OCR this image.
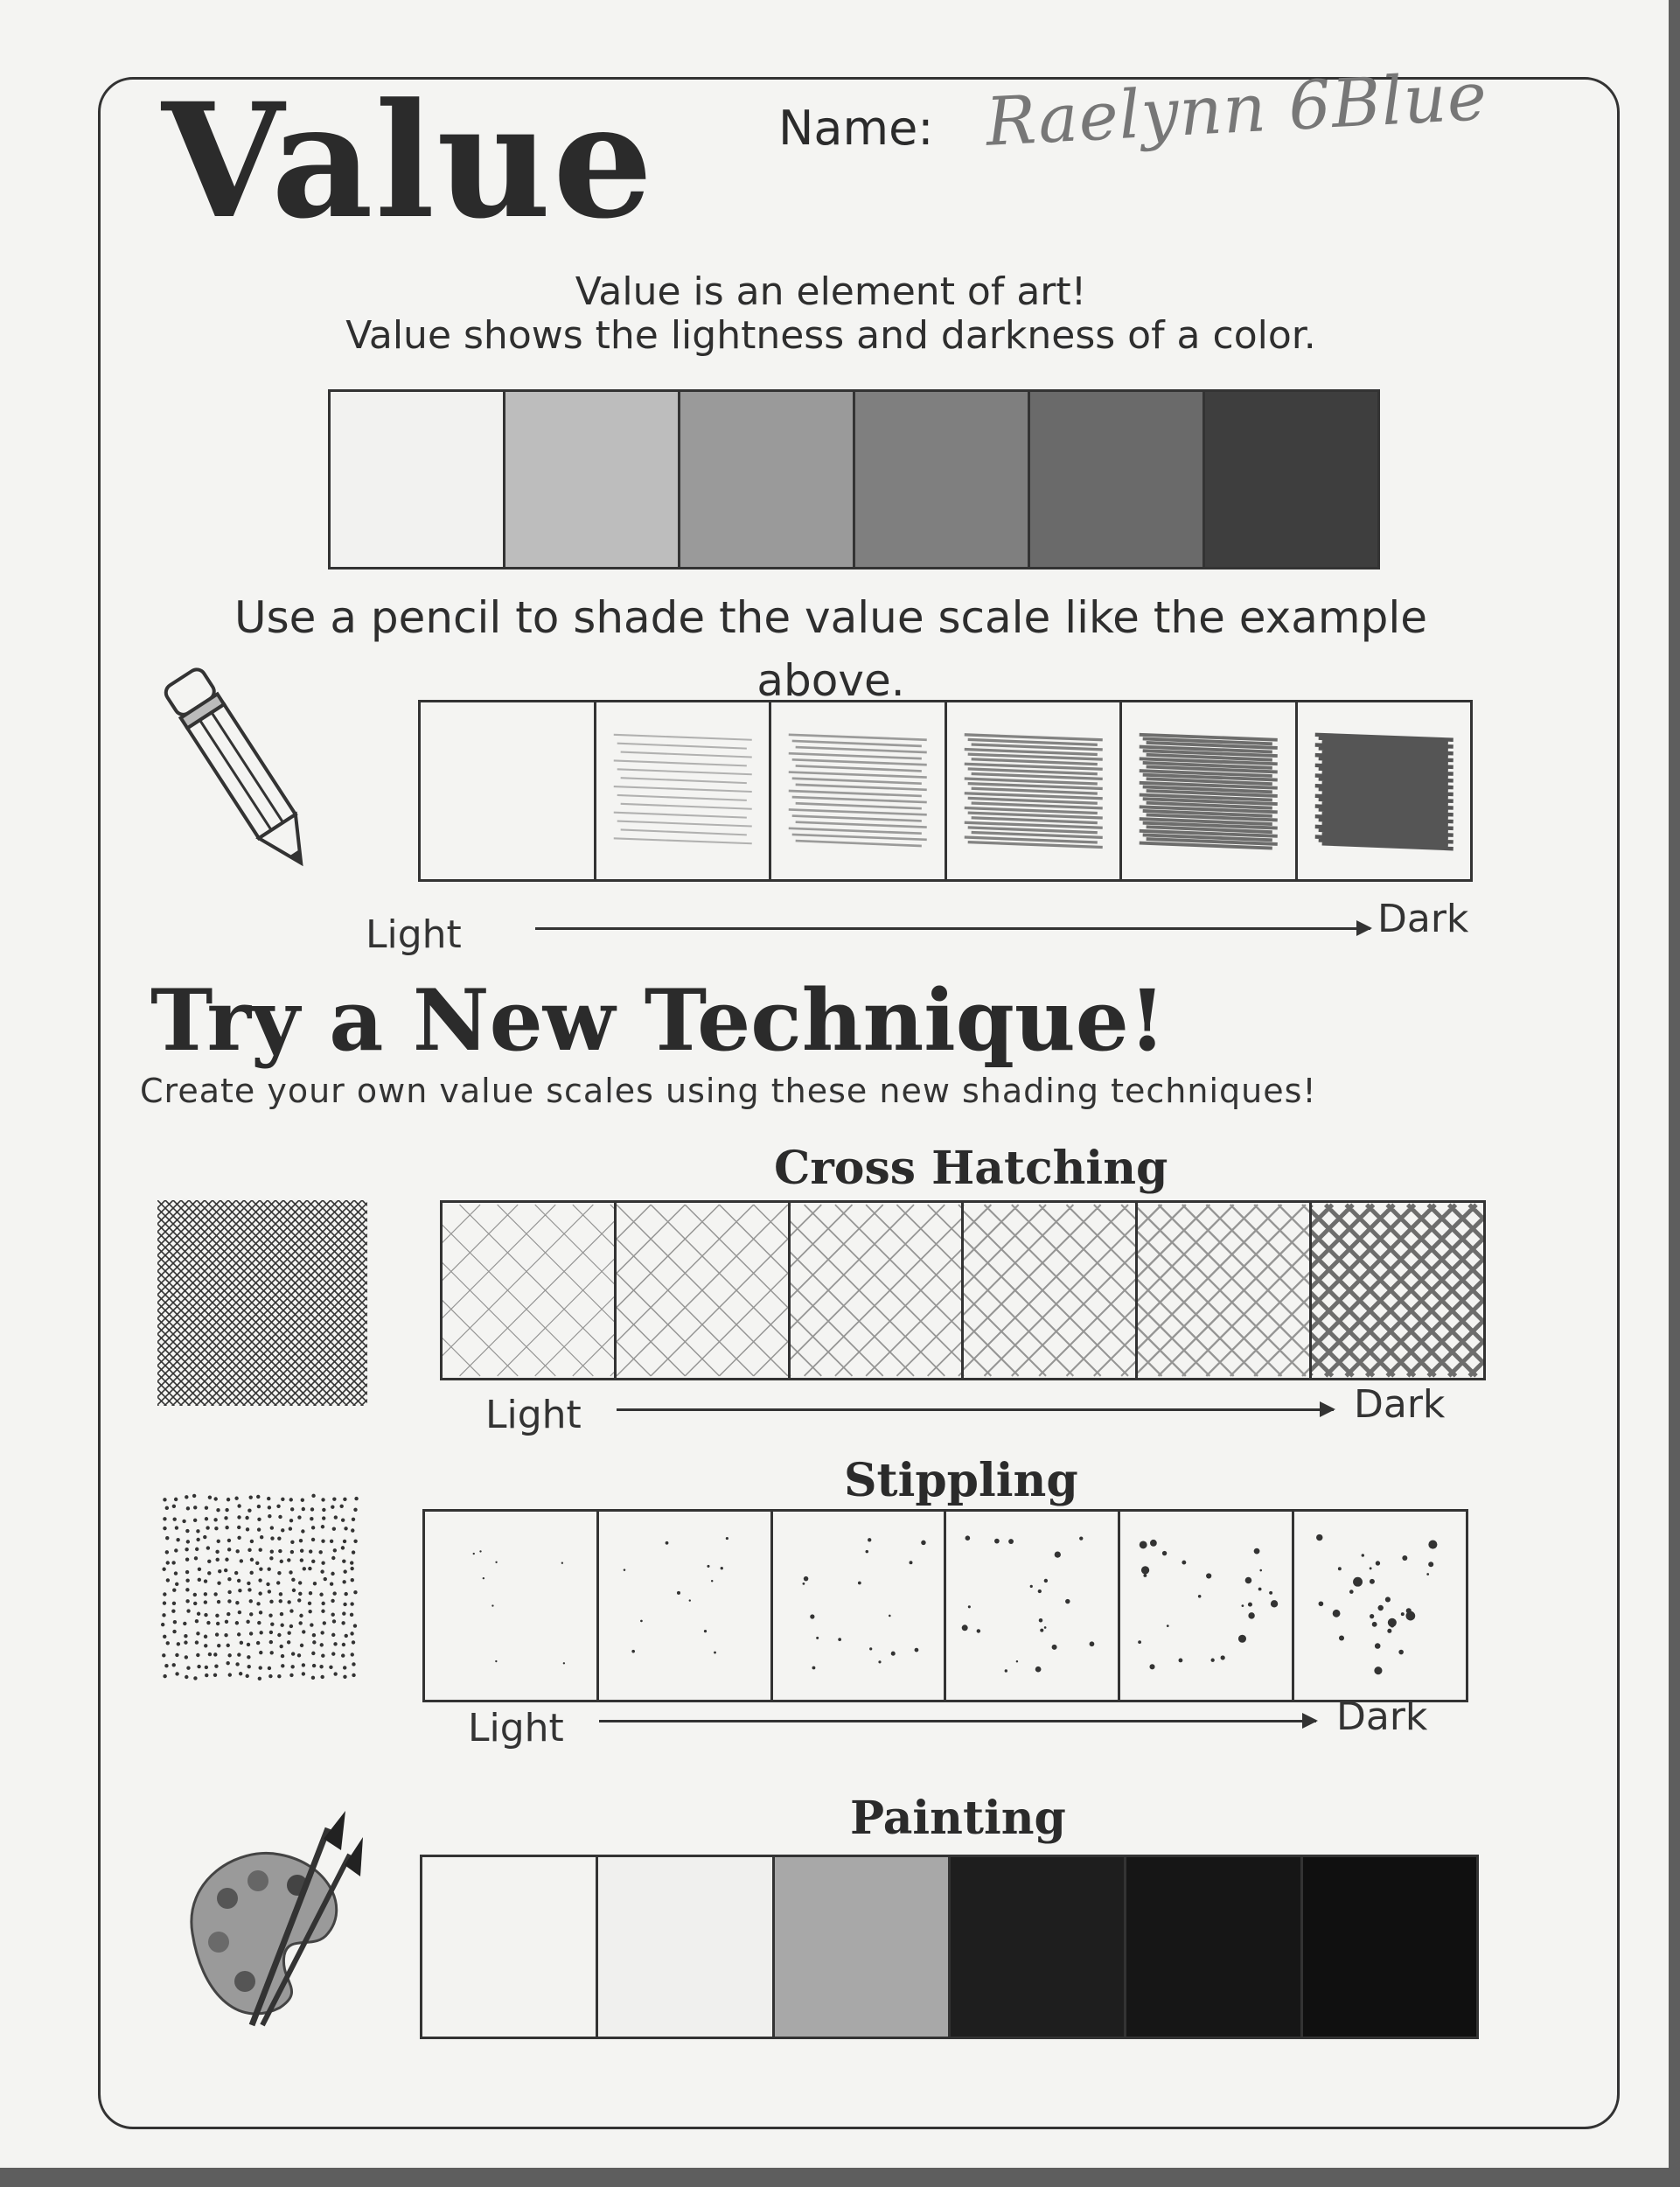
Value	Name: Raelynn 6Blue
Value is an element of art!
Value shows the lightness and darkness of a color.
Use a pencil to shade the value scale like the example above.
Light	Dark
Try a New Technique!
Create your own value scales using these new shading techniques!
Cross Hatching
Light	Dark
Stippling
Light	Dark
Painting
